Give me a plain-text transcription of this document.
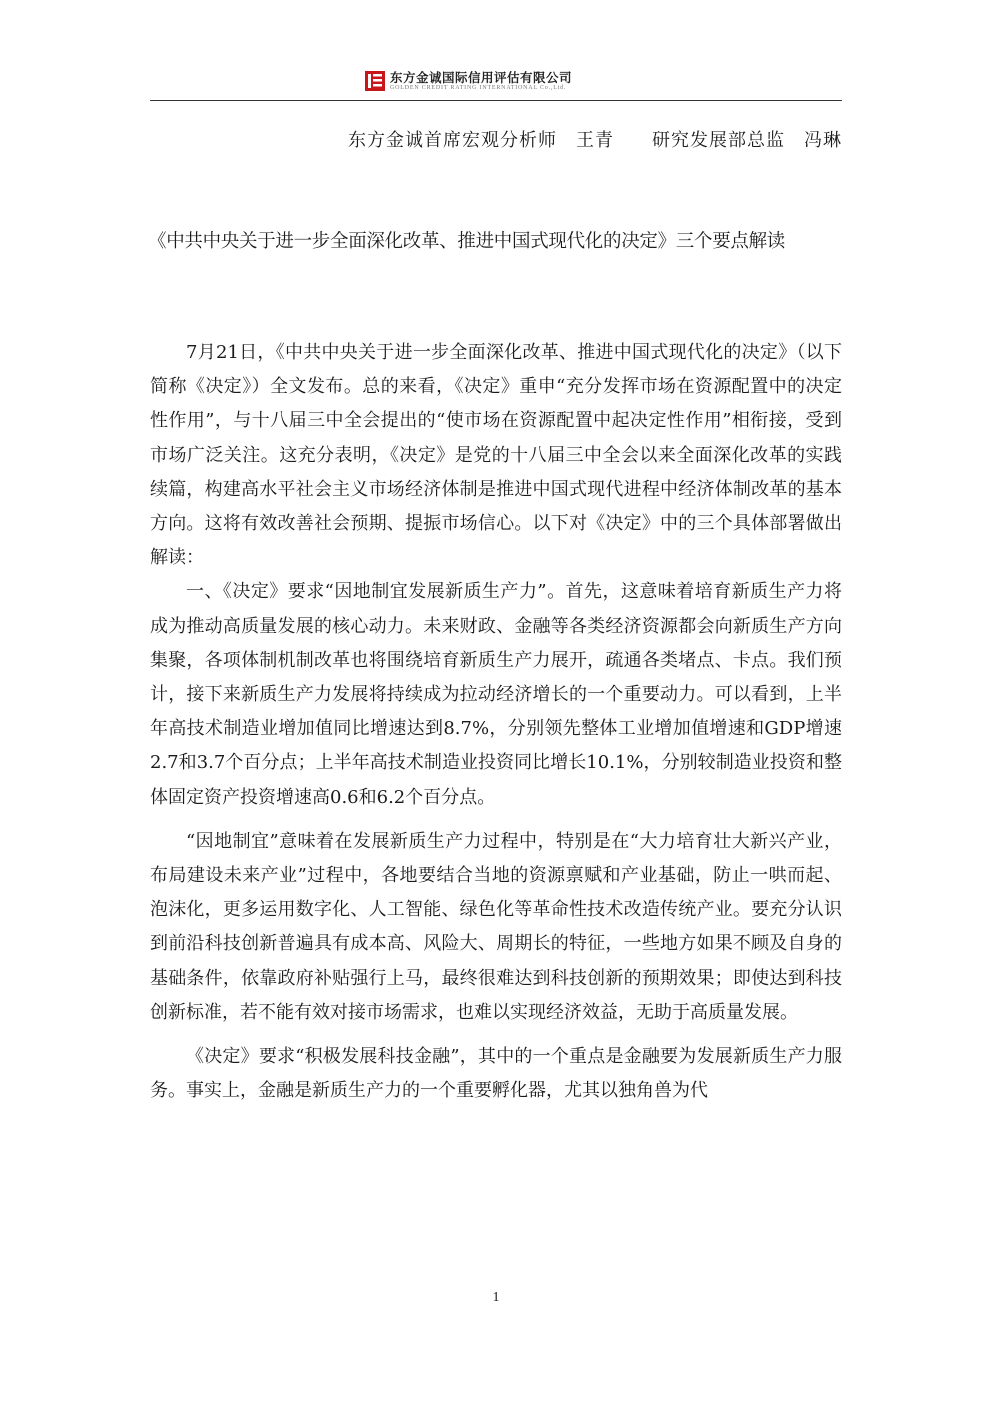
东方金诚国际信用评估有限公司
GOLDEN CREDIT RATING INTERNATIONAL Co.,Ltd.
东方金诚首席宏观分析师　王青　　研究发展部总监　冯琳
《中共中央关于进一步全面深化改革、推进中国式现代化的决定》三个要点解读

7月21日，《中共中央关于进一步全面深化改革、推进中国式现代化的决定》（以下简称《决定》）全文发布。总的来看，《决定》重申“充分发挥市场在资源配置中的决定性作用”，与十八届三中全会提出的“使市场在资源配置中起决定性作用”相衔接，受到市场广泛关注。这充分表明，《决定》是党的十八届三中全会以来全面深化改革的实践续篇，构建高水平社会主义市场经济体制是推进中国式现代进程中经济体制改革的基本方向。这将有效改善社会预期、提振市场信心。以下对《决定》中的三个具体部署做出解读：

一、《决定》要求“因地制宜发展新质生产力”。首先，这意味着培育新质生产力将成为推动高质量发展的核心动力。未来财政、金融等各类经济资源都会向新质生产方向集聚，各项体制机制改革也将围绕培育新质生产力展开，疏通各类堵点、卡点。我们预计，接下来新质生产力发展将持续成为拉动经济增长的一个重要动力。可以看到，上半年高技术制造业增加值同比增速达到8.7%，分别领先整体工业增加值增速和GDP增速2.7和3.7个百分点；上半年高技术制造业投资同比增长10.1%，分别较制造业投资和整体固定资产投资增速高0.6和6.2个百分点。

“因地制宜”意味着在发展新质生产力过程中，特别是在“大力培育壮大新兴产业，布局建设未来产业”过程中，各地要结合当地的资源禀赋和产业基础，防止一哄而起、泡沫化，更多运用数字化、人工智能、绿色化等革命性技术改造传统产业。要充分认识到前沿科技创新普遍具有成本高、风险大、周期长的特征，一些地方如果不顾及自身的基础条件，依靠政府补贴强行上马，最终很难达到科技创新的预期效果；即使达到科技创新标准，若不能有效对接市场需求，也难以实现经济效益，无助于高质量发展。

《决定》要求“积极发展科技金融”，其中的一个重点是金融要为发展新质生产力服务。事实上，金融是新质生产力的一个重要孵化器，尤其以独角兽为代

1
